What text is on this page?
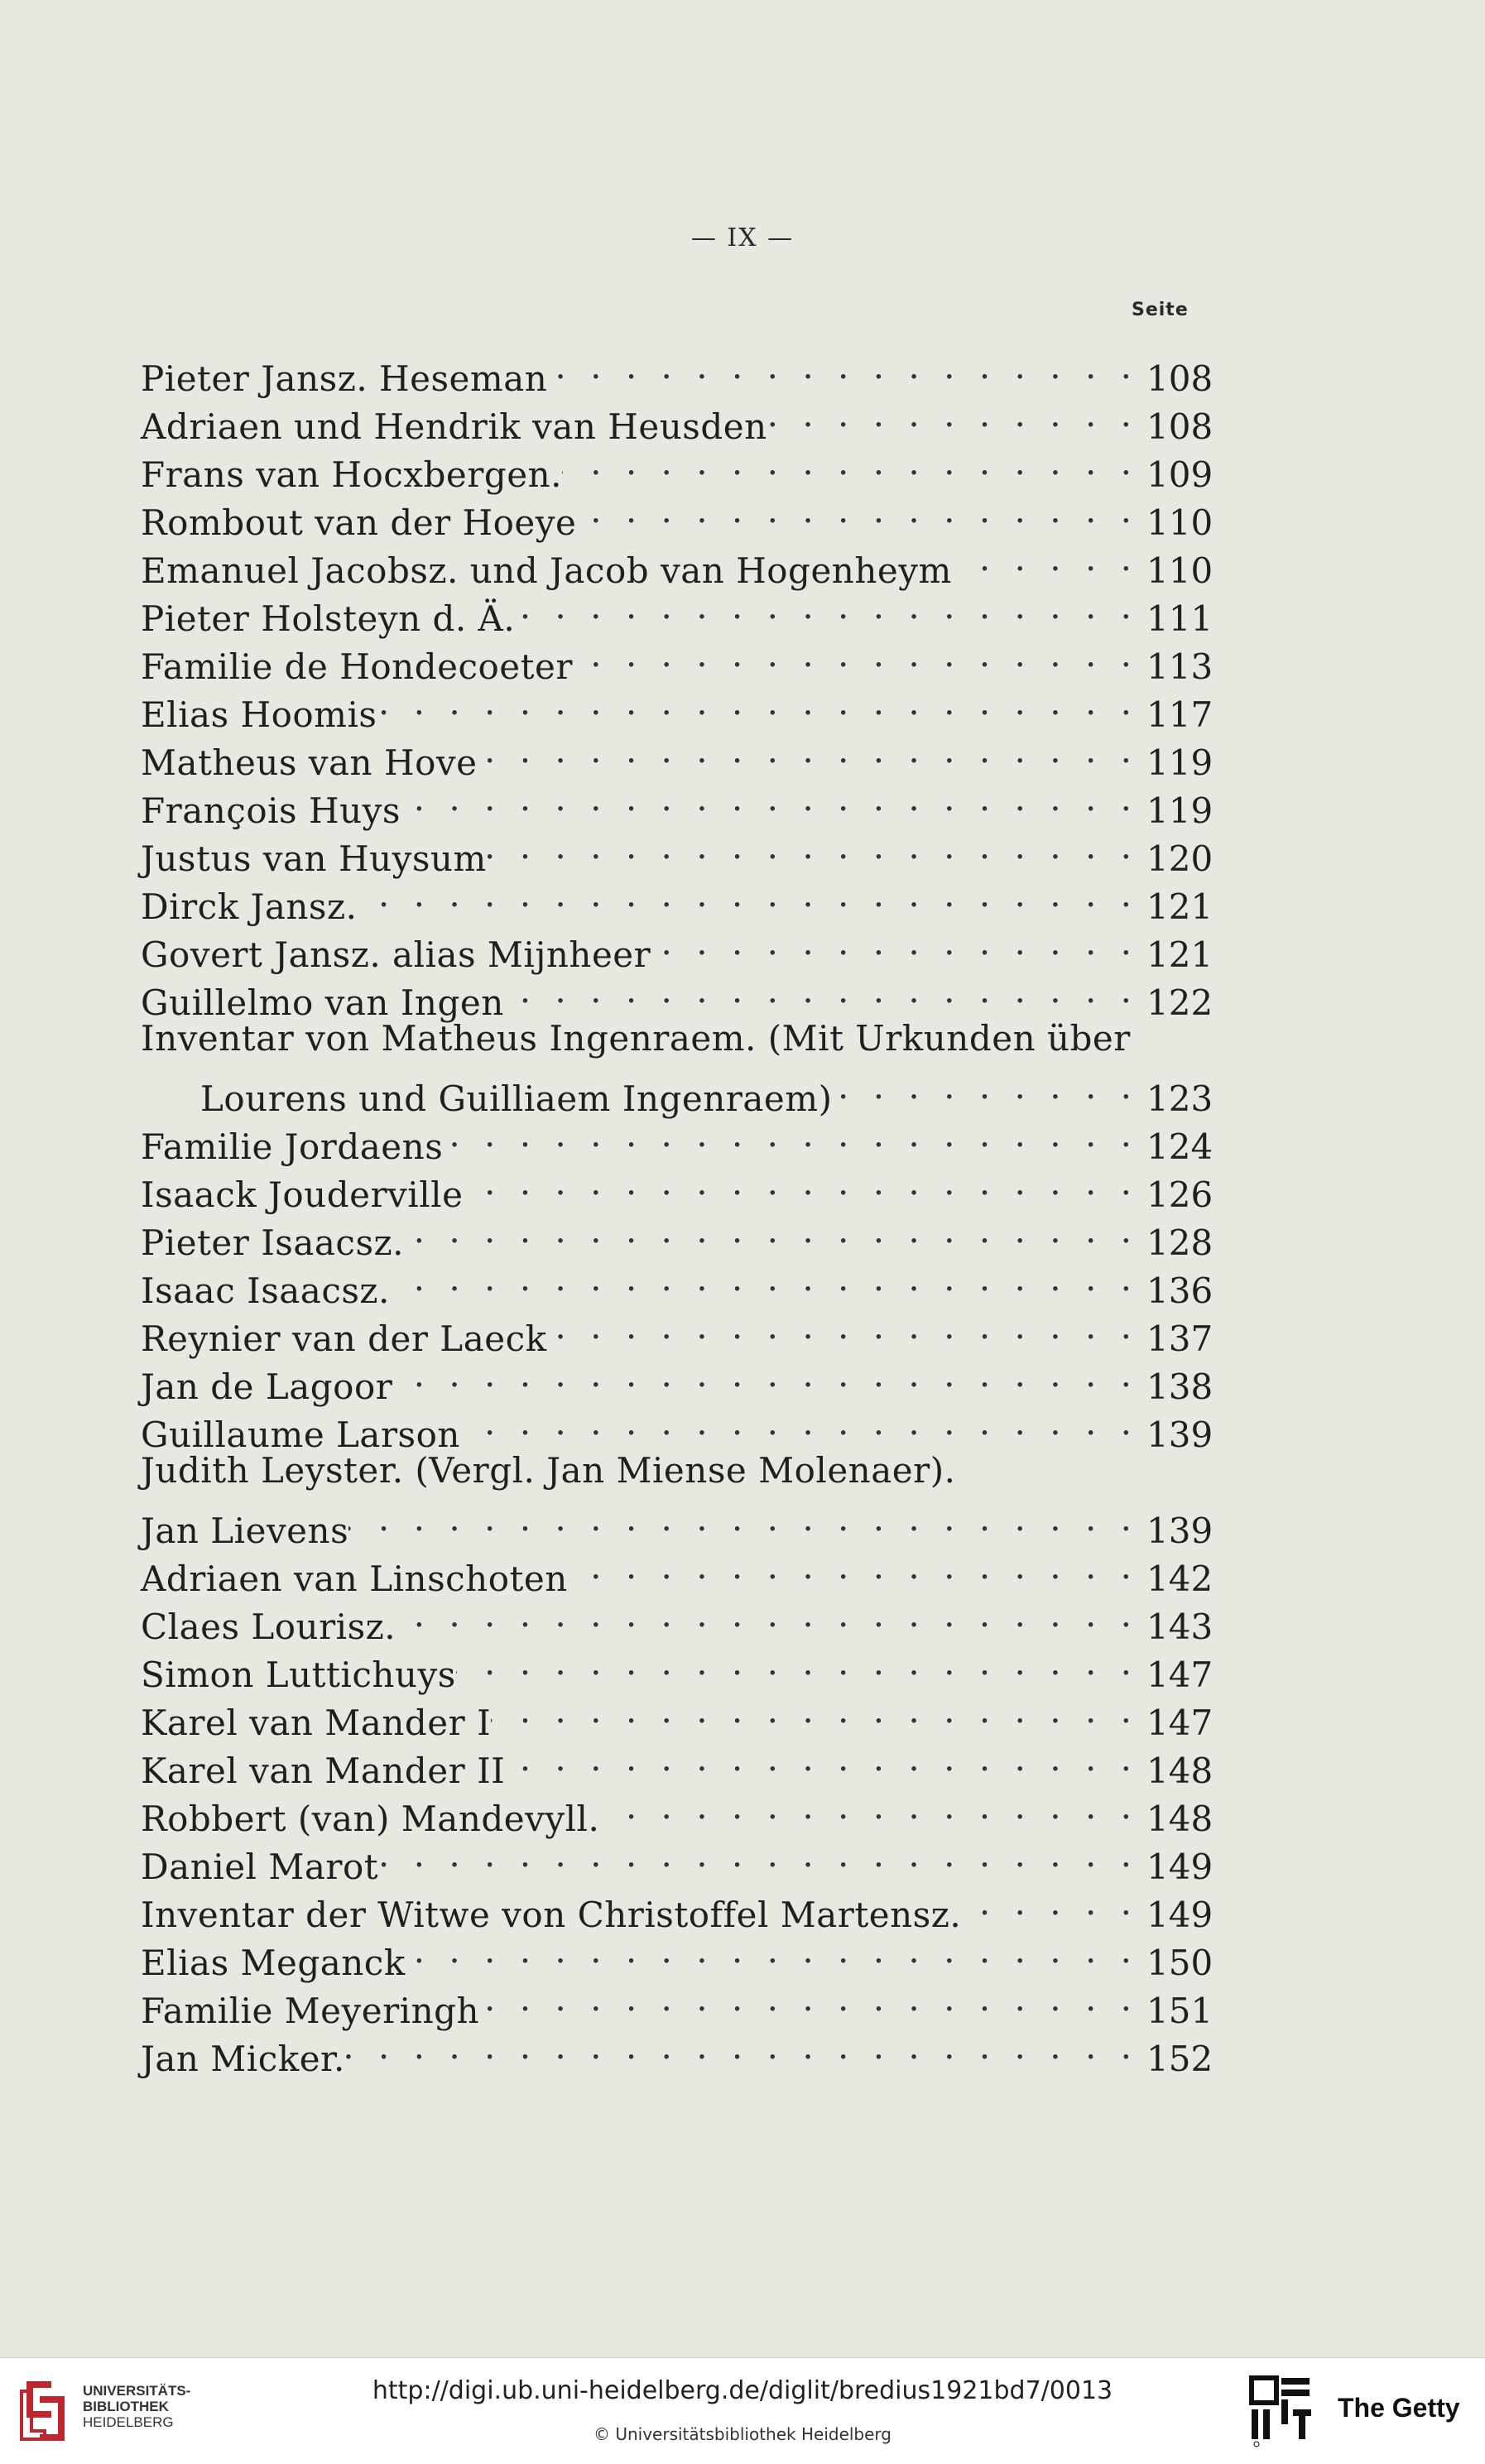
— IX —
Seite
Pieter Jansz. Heseman . . .	108
Adriaen und Hendrik van Heusden . . .	108
Frans van Hocxbergen. . . .	109
Rombout van der Hoeye . . .	110
Emanuel Jacobsz. und Jacob van Hogenheym . . .	110
Pieter Holsteyn d. Ä. . . .	111
Familie de Hondecoeter . . .	113
Elias Hoomis . . .	117
Matheus van Hove . . .	119
François Huys . . .	119
Justus van Huysum . . .	120
Dirck Jansz. . . .	121
Govert Jansz. alias Mijnheer . . .	121
Guillelmo van Ingen . . .	122
Inventar von Matheus Ingenraem. (Mit Urkunden über
Lourens und Guilliaem Ingenraem) . . .	123
Familie Jordaens . . .	124
Isaack Jouderville . . .	126
Pieter Isaacsz. . . .	128
Isaac Isaacsz. . . .	136
Reynier van der Laeck . . .	137
Jan de Lagoor . . .	138
Guillaume Larson . . .	139
Judith Leyster. (Vergl. Jan Miense Molenaer).
Jan Lievens . . .	139
Adriaen van Linschoten . . .	142
Claes Lourisz. . . .	143
Simon Luttichuys . . .	147
Karel van Mander I . . .	147
Karel van Mander II . . .	148
Robbert (van) Mandevyll. . . .	148
Daniel Marot . . .	149
Inventar der Witwe von Christoffel Martensz. . . .	149
Elias Meganck . . .	150
Familie Meyeringh . . .	151
Jan Micker. . . .	152
UNIVERSITÄTS-
BIBLIOTHEK
HEIDELBERG
http://digi.ub.uni-heidelberg.de/diglit/bredius1921bd7/0013
© Universitätsbibliothek Heidelberg
The Getty
